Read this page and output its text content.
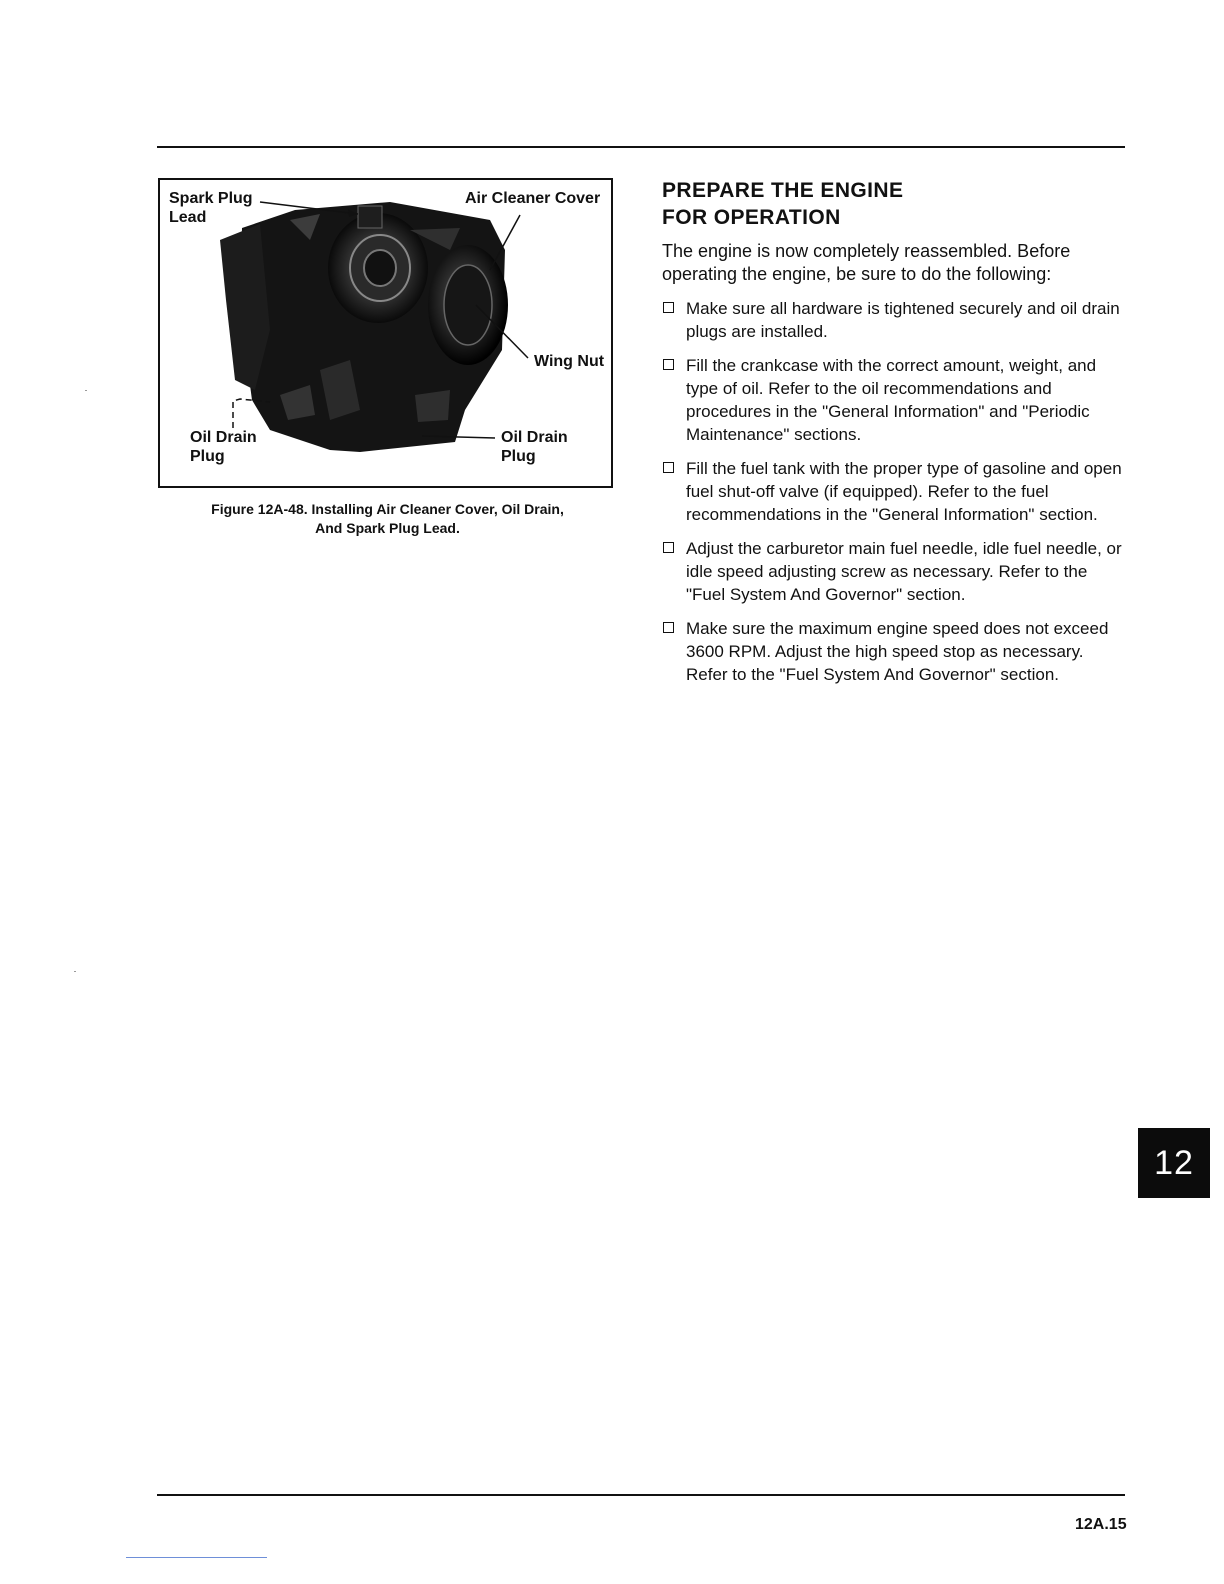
Spark Plug
Lead
Air Cleaner Cover
Wing Nut
Oil Drain
Plug
Oil Drain
Plug
Figure 12A-48. Installing Air Cleaner Cover, Oil Drain,
And Spark Plug Lead.
PREPARE THE ENGINE
FOR OPERATION

The engine is now completely reassembled. Before operating the engine, be sure to do the following:

Make sure all hardware is tightened securely and oil drain plugs are installed.
Fill the crankcase with the correct amount, weight, and type of oil. Refer to the oil recommendations and procedures in the "General Information" and "Periodic Maintenance" sections.
Fill the fuel tank with the proper type of gasoline and open fuel shut-off valve (if equipped). Refer to the fuel recommendations in the "General Information" section.
Adjust the carburetor main fuel needle, idle fuel needle, or idle speed adjusting screw as necessary. Refer to the "Fuel System And Governor" section.
Make sure the maximum engine speed does not exceed 3600 RPM. Adjust the high speed stop as necessary. Refer to the "Fuel System And Governor" section.
12
12A.15
